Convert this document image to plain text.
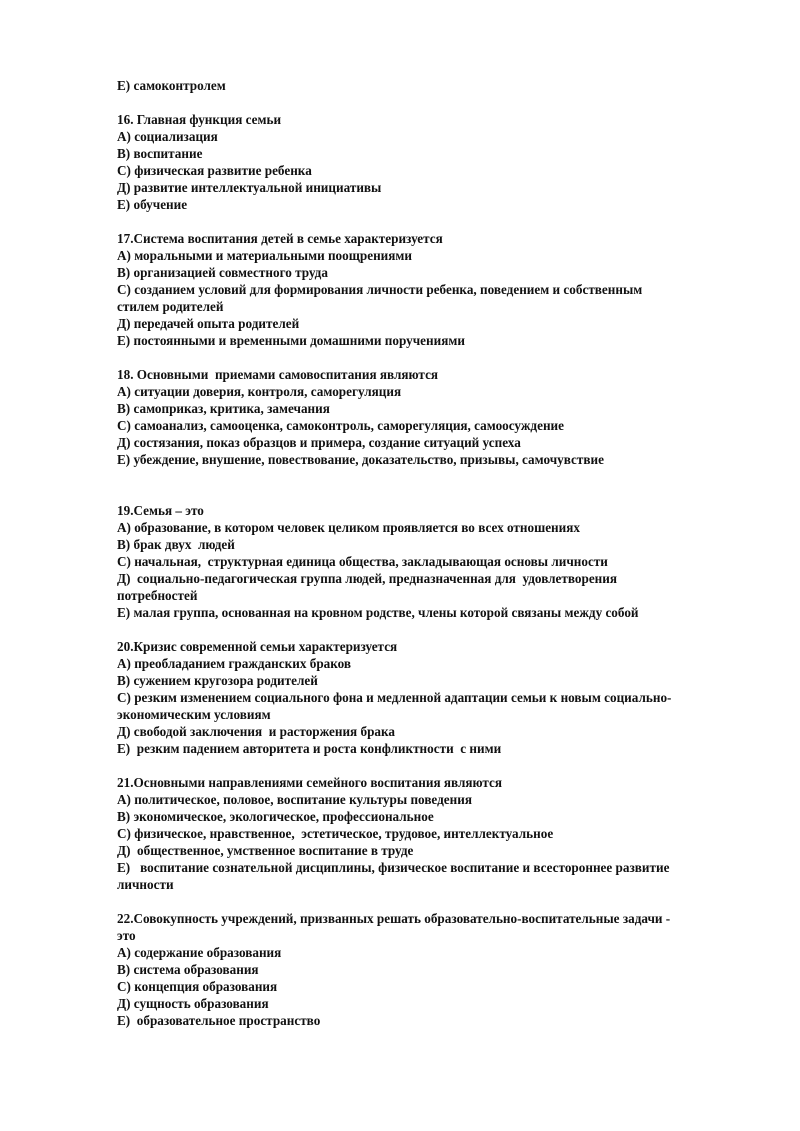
E) самоконтролем
16. Главная функция семьи
А) социализация
В) воспитание
С) физическая развитие ребенка
Д) развитие интеллектуальной инициативы
Е) обучение
17.Система воспитания детей в семье характеризуется
А) моральными и материальными поощрениями
В) организацией совместного труда
С) созданием условий для формирования личности ребенка, поведением и собственным
стилем родителей
Д) передачей опыта родителей
Е) постоянными и временными домашними поручениями
18. Основными  приемами самовоспитания являются
А) ситуации доверия, контроля, саморегуляция
В) самоприказ, критика, замечания
С) самоанализ, самооценка, самоконтроль, саморегуляция, самоосуждение
Д) состязания, показ образцов и примера, создание ситуаций успеха
Е) убеждение, внушение, повествование, доказательство, призывы, самочувствие
19.Семья – это
А) образование, в котором человек целиком проявляется во всех отношениях
В) брак двух  людей
С) начальная,  структурная единица общества, закладывающая основы личности
Д)  социально-педагогическая группа людей, предназначенная для  удовлетворения
потребностей
Е) малая группа, основанная на кровном родстве, члены которой связаны между собой
20.Кризис современной семьи характеризуется
А) преобладанием гражданских браков
В) сужением кругозора родителей
С) резким изменением социального фона и медленной адаптации семьи к новым социально-
экономическим условиям
Д) свободой заключения  и расторжения брака
Е)  резким падением авторитета и роста конфликтности  с ними
21.Основными направлениями семейного воспитания являются
А) политическое, половое, воспитание культуры поведения
В) экономическое, экологическое, профессиональное
С) физическое, нравственное,  эстетическое, трудовое, интеллектуальное
Д)  общественное, умственное воспитание в труде
Е)   воспитание сознательной дисциплины, физическое воспитание и всестороннее развитие
личности
22.Совокупность учреждений, призванных решать образовательно-воспитательные задачи -
это
А) содержание образования
В) система образования
С) концепция образования
Д) сущность образования
Е)  образовательное пространство
